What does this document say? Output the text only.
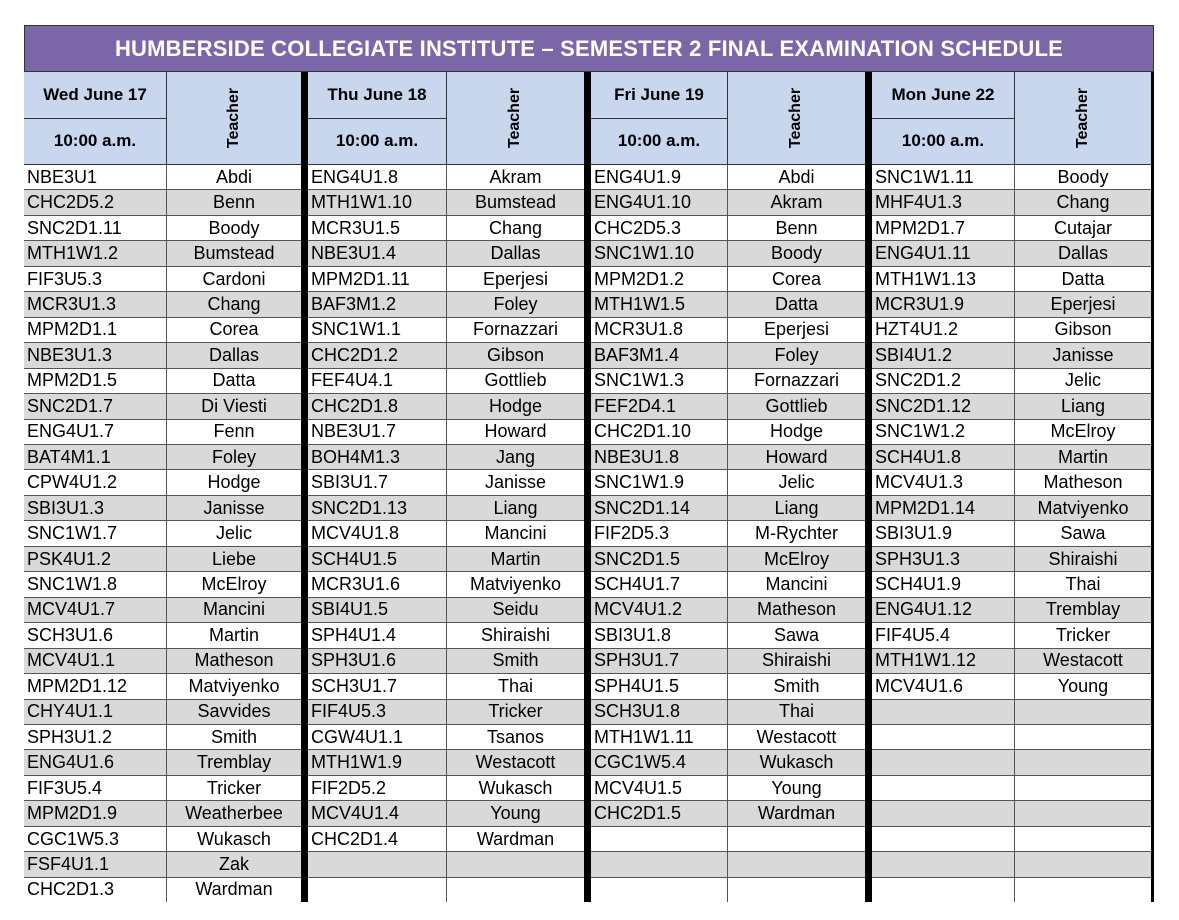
HUMBERSIDE COLLEGIATE INSTITUTE – SEMESTER 2 FINAL EXAMINATION SCHEDULE
Wed June 17
10:00 a.m.	Teacher
NBE3U1	Abdi
CHC2D5.2	Benn
SNC2D1.11	Boody
MTH1W1.2	Bumstead
FIF3U5.3	Cardoni
MCR3U1.3	Chang
MPM2D1.1	Corea
NBE3U1.3	Dallas
MPM2D1.5	Datta
SNC2D1.7	Di Viesti
ENG4U1.7	Fenn
BAT4M1.1	Foley
CPW4U1.2	Hodge
SBI3U1.3	Janisse
SNC1W1.7	Jelic
PSK4U1.2	Liebe
SNC1W1.8	McElroy
MCV4U1.7	Mancini
SCH3U1.6	Martin
MCV4U1.1	Matheson
MPM2D1.12	Matviyenko
CHY4U1.1	Savvides
SPH3U1.2	Smith
ENG4U1.6	Tremblay
FIF3U5.4	Tricker
MPM2D1.9	Weatherbee
CGC1W5.3	Wukasch
FSF4U1.1	Zak
CHC2D1.3	Wardman
Thu June 18
10:00 a.m.	Teacher
ENG4U1.8	Akram
MTH1W1.10	Bumstead
MCR3U1.5	Chang
NBE3U1.4	Dallas
MPM2D1.11	Eperjesi
BAF3M1.2	Foley
SNC1W1.1	Fornazzari
CHC2D1.2	Gibson
FEF4U4.1	Gottlieb
CHC2D1.8	Hodge
NBE3U1.7	Howard
BOH4M1.3	Jang
SBI3U1.7	Janisse
SNC2D1.13	Liang
MCV4U1.8	Mancini
SCH4U1.5	Martin
MCR3U1.6	Matviyenko
SBI4U1.5	Seidu
SPH4U1.4	Shiraishi
SPH3U1.6	Smith
SCH3U1.7	Thai
FIF4U5.3	Tricker
CGW4U1.1	Tsanos
MTH1W1.9	Westacott
FIF2D5.2	Wukasch
MCV4U1.4	Young
CHC2D1.4	Wardman
Fri June 19
10:00 a.m.	Teacher
ENG4U1.9	Abdi
ENG4U1.10	Akram
CHC2D5.3	Benn
SNC1W1.10	Boody
MPM2D1.2	Corea
MTH1W1.5	Datta
MCR3U1.8	Eperjesi
BAF3M1.4	Foley
SNC1W1.3	Fornazzari
FEF2D4.1	Gottlieb
CHC2D1.10	Hodge
NBE3U1.8	Howard
SNC1W1.9	Jelic
SNC2D1.14	Liang
FIF2D5.3	M-Rychter
SNC2D1.5	McElroy
SCH4U1.7	Mancini
MCV4U1.2	Matheson
SBI3U1.8	Sawa
SPH3U1.7	Shiraishi
SPH4U1.5	Smith
SCH3U1.8	Thai
MTH1W1.11	Westacott
CGC1W5.4	Wukasch
MCV4U1.5	Young
CHC2D1.5	Wardman
Mon June 22
10:00 a.m.	Teacher
SNC1W1.11	Boody
MHF4U1.3	Chang
MPM2D1.7	Cutajar
ENG4U1.11	Dallas
MTH1W1.13	Datta
MCR3U1.9	Eperjesi
HZT4U1.2	Gibson
SBI4U1.2	Janisse
SNC2D1.2	Jelic
SNC2D1.12	Liang
SNC1W1.2	McElroy
SCH4U1.8	Martin
MCV4U1.3	Matheson
MPM2D1.14	Matviyenko
SBI3U1.9	Sawa
SPH3U1.3	Shiraishi
SCH4U1.9	Thai
ENG4U1.12	Tremblay
FIF4U5.4	Tricker
MTH1W1.12	Westacott
MCV4U1.6	Young
